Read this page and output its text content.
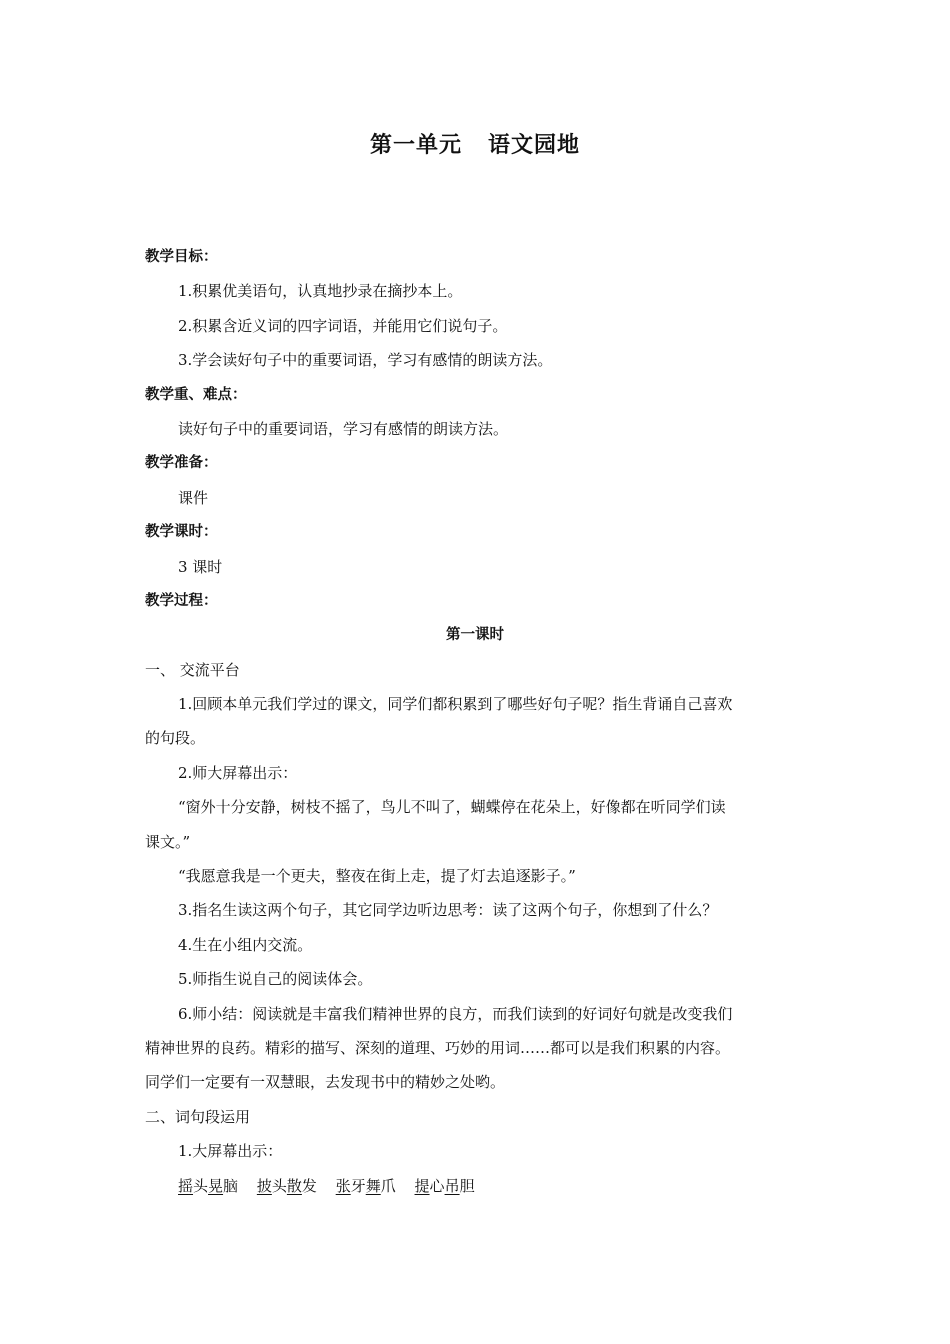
第一单元 语文园地
教学目标：
1.积累优美语句，认真地抄录在摘抄本上。
2.积累含近义词的四字词语，并能用它们说句子。
3.学会读好句子中的重要词语，学习有感情的朗读方法。
教学重、难点：
读好句子中的重要词语，学习有感情的朗读方法。
教学准备：
课件
教学课时：
3 课时
教学过程：
第一课时
一、 交流平台
1.回顾本单元我们学过的课文，同学们都积累到了哪些好句子呢？指生背诵自己喜欢
的句段。
2.师大屏幕出示：
“窗外十分安静，树枝不摇了，鸟儿不叫了，蝴蝶停在花朵上，好像都在听同学们读
课文。”
“我愿意我是一个更夫，整夜在街上走，提了灯去追逐影子。”
3.指名生读这两个句子，其它同学边听边思考：读了这两个句子，你想到了什么？
4.生在小组内交流。
5.师指生说自己的阅读体会。
6.师小结：阅读就是丰富我们精神世界的良方，而我们读到的好词好句就是改变我们
精神世界的良药。精彩的描写、深刻的道理、巧妙的用词……都可以是我们积累的内容。
同学们一定要有一双慧眼，去发现书中的精妙之处哟。
二、词句段运用
1.大屏幕出示：
摇头晃脑 披头散发 张牙舞爪 提心吊胆
